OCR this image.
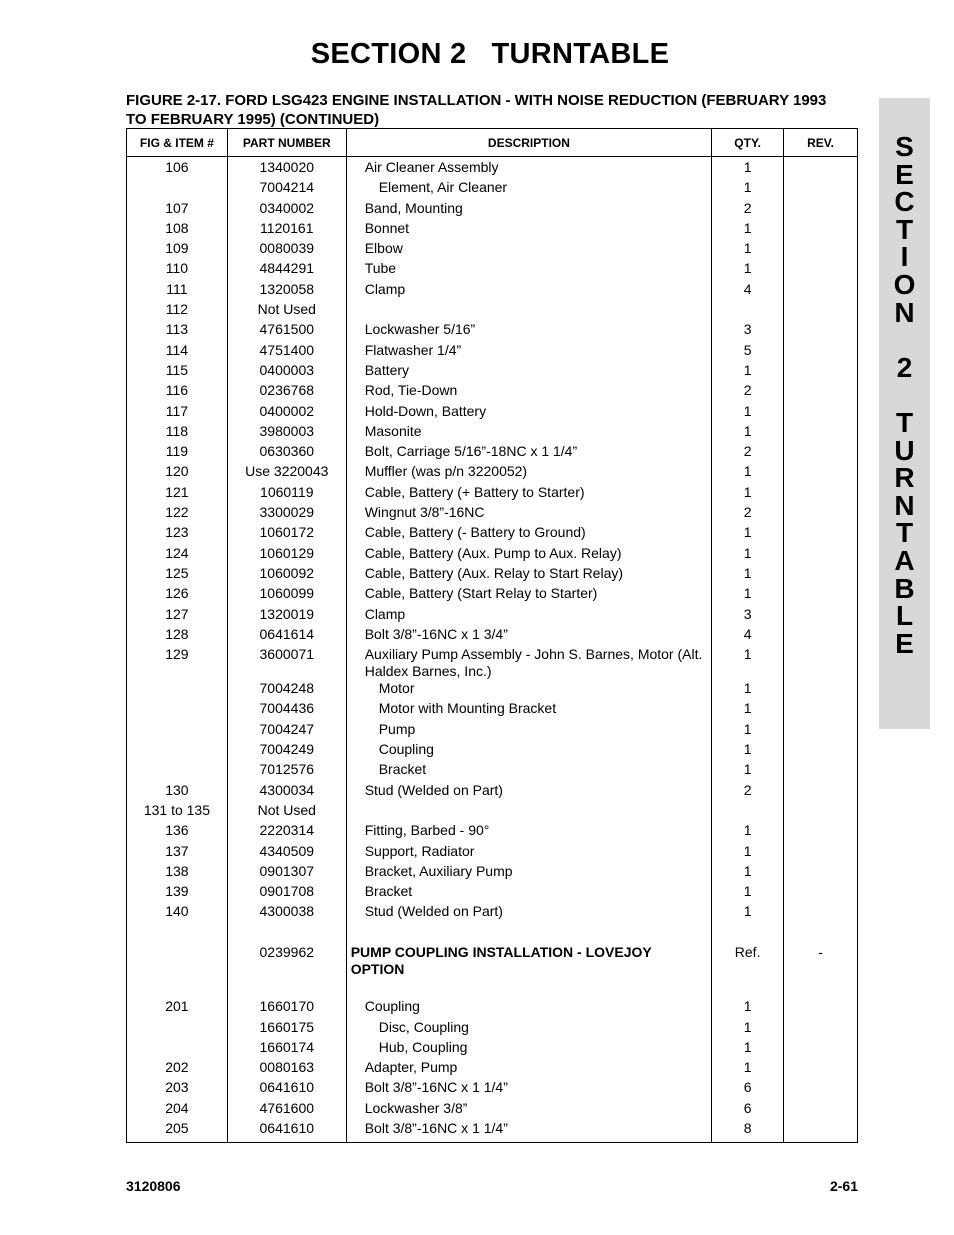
SECTION 2   TURNTABLE
FIGURE 2-17. FORD LSG423 ENGINE INSTALLATION - WITH NOISE REDUCTION (FEBRUARY 1993 TO FEBRUARY 1995) (CONTINUED)
FIG & ITEM #	PART NUMBER	DESCRIPTION	QTY.	REV.
106	1340020	Air Cleaner Assembly	1	
	7004214	Element, Air Cleaner	1	
107	0340002	Band, Mounting	2	
108	1120161	Bonnet	1	
109	0080039	Elbow	1	
110	4844291	Tube	1	
111	1320058	Clamp	4	
112	Not Used			
113	4761500	Lockwasher 5/16”	3	
114	4751400	Flatwasher 1/4”	5	
115	0400003	Battery	1	
116	0236768	Rod, Tie-Down	2	
117	0400002	Hold-Down, Battery	1	
118	3980003	Masonite	1	
119	0630360	Bolt, Carriage 5/16”-18NC x 1 1/4”	2	
120	Use 3220043	Muffler (was p/n 3220052)	1	
121	1060119	Cable, Battery (+ Battery to Starter)	1	
122	3300029	Wingnut 3/8”-16NC	2	
123	1060172	Cable, Battery (- Battery to Ground)	1	
124	1060129	Cable, Battery (Aux. Pump to Aux. Relay)	1	
125	1060092	Cable, Battery (Aux. Relay to Start Relay)	1	
126	1060099	Cable, Battery (Start Relay to Starter)	1	
127	1320019	Clamp	3	
128	0641614	Bolt 3/8”-16NC x 1 3/4”	4	
129	3600071	Auxiliary Pump Assembly - John S. Barnes, Motor (Alt. Haldex Barnes, Inc.)	1	
	7004248	Motor	1	
	7004436	Motor with Mounting Bracket	1	
	7004247	Pump	1	
	7004249	Coupling	1	
	7012576	Bracket	1	
130	4300034	Stud (Welded on Part)	2	
131 to 135	Not Used			
136	2220314	Fitting, Barbed - 90°	1	
137	4340509	Support, Radiator	1	
138	0901307	Bracket, Auxiliary Pump	1	
139	0901708	Bracket	1	
140	4300038	Stud (Welded on Part)	1	

	0239962	PUMP COUPLING INSTALLATION - LOVEJOY OPTION	Ref.	-

201	1660170	Coupling	1	
	1660175	Disc, Coupling	1	
	1660174	Hub, Coupling	1	
202	0080163	Adapter, Pump	1	
203	0641610	Bolt 3/8”-16NC x 1 1/4”	6	
204	4761600	Lockwasher 3/8”	6	
205	0641610	Bolt 3/8”-16NC x 1 1/4”	8	
S
E
C
T
I
O
N

2

T
U
R
N
T
A
B
L
E
3120806	2-61
